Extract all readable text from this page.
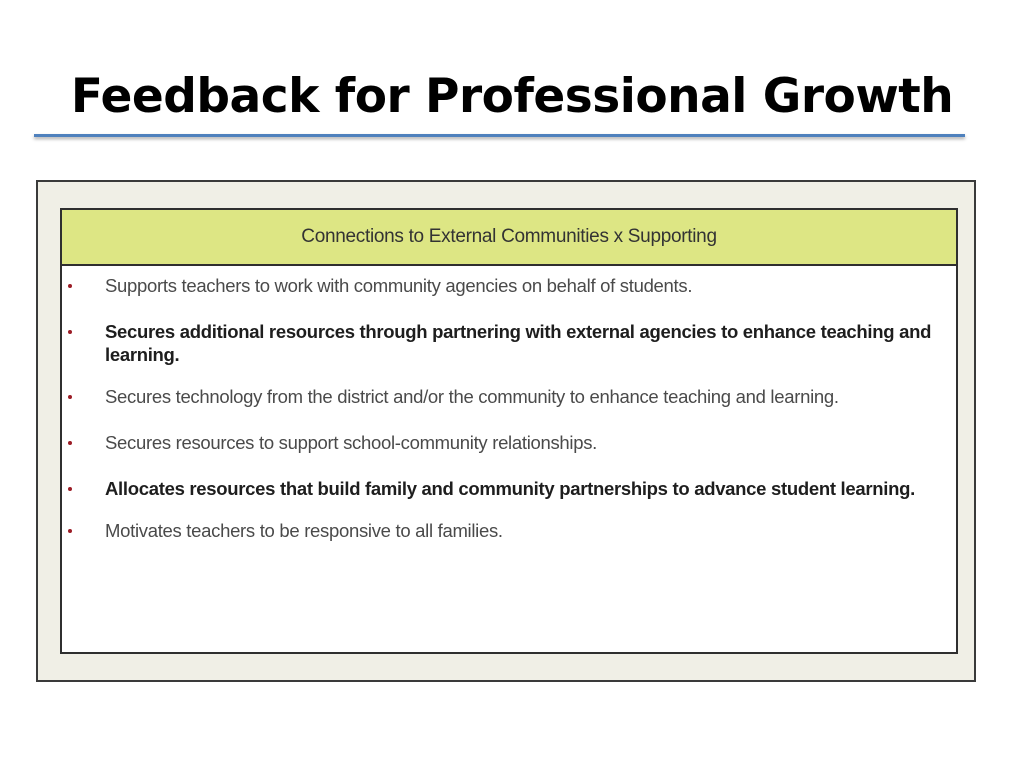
Feedback for Professional Growth
Connections to External Communities x Supporting
Supports teachers to work with community agencies on behalf of students.
Secures additional resources through partnering with external agencies to enhance teaching and learning.
Secures technology from the district and/or the community to enhance teaching and learning.
Secures resources to support school-community relationships.
Allocates resources that build family and community partnerships to advance student learning.
Motivates teachers to be responsive to all families.
